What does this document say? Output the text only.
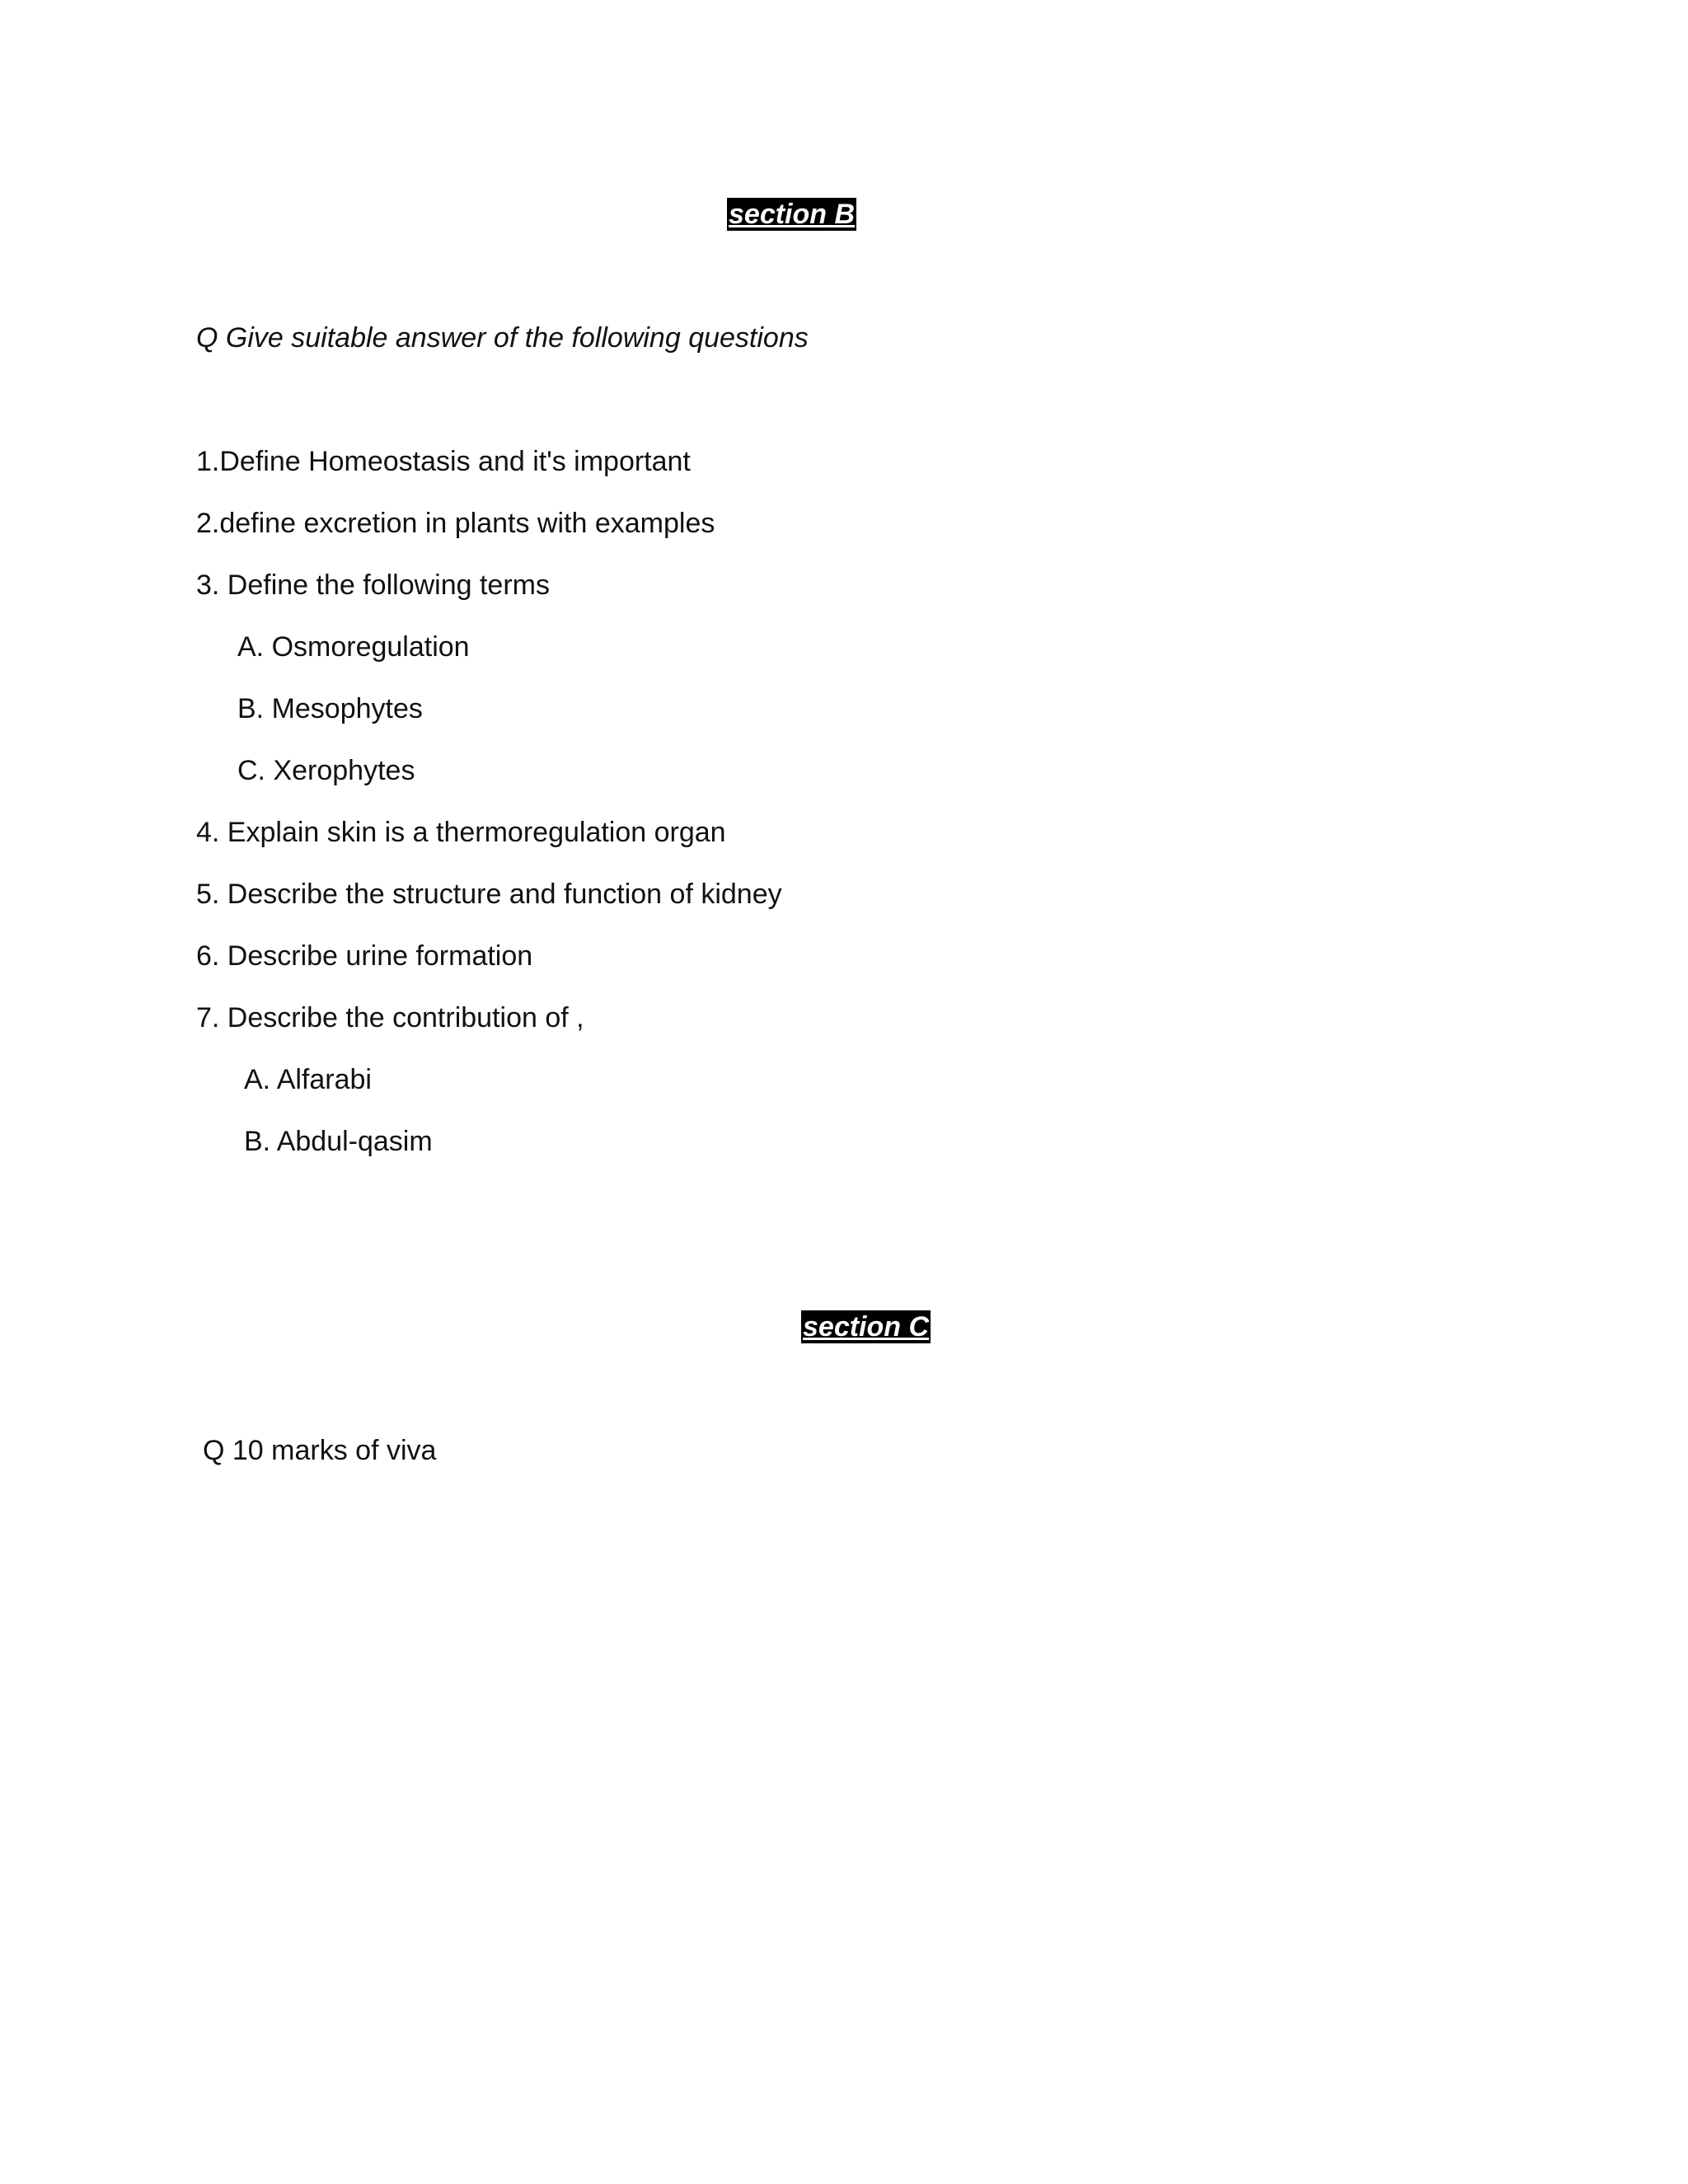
section B
Q Give suitable answer of the following questions
1.Define Homeostasis and it's important
2.define excretion in plants with examples
3. Define the following terms
A. Osmoregulation
B. Mesophytes
C. Xerophytes
4. Explain skin is a thermoregulation organ
5. Describe the structure and function of kidney
6. Describe urine formation
7. Describe the contribution of ,
A. Alfarabi
B. Abdul-qasim
section C
Q 10 marks of viva
